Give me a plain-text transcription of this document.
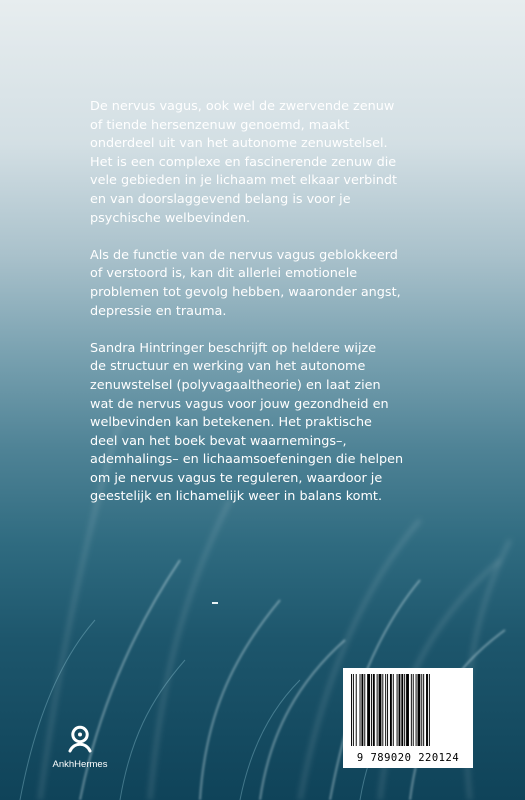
De nervus vagus, ook wel de zwervende zenuw
of tiende hersenzenuw genoemd, maakt
onderdeel uit van het autonome zenuwstelsel.
Het is een complexe en fascinerende zenuw die
vele gebieden in je lichaam met elkaar verbindt
en van doorslaggevend belang is voor je
psychische welbevinden.

Als de functie van de nervus vagus geblokkeerd
of verstoord is, kan dit allerlei emotionele
problemen tot gevolg hebben, waaronder angst,
depressie en trauma.

Sandra Hintringer beschrijft op heldere wijze
de structuur en werking van het autonome
zenuwstelsel (polyvagaaltheorie) en laat zien
wat de nervus vagus voor jouw gezondheid en
welbevinden kan betekenen. Het praktische
deel van het boek bevat waarnemings–,
ademhalings– en lichaamsoefeningen die helpen
om je nervus vagus te reguleren, waardoor je
geestelijk en lichamelijk weer in balans komt.

9 789020 220124
AnkhHermes
